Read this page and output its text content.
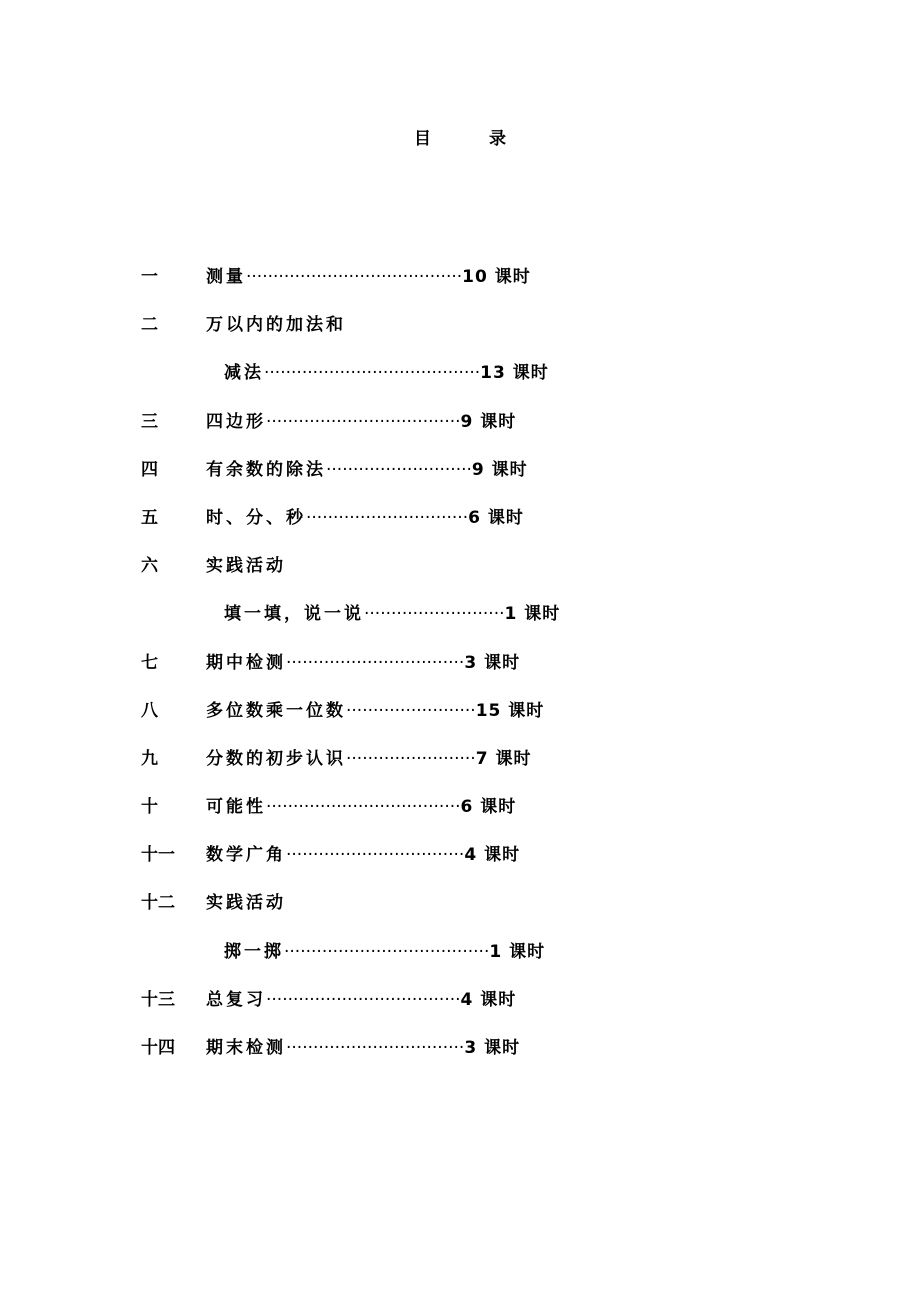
目 录
一	测量········································10 课时
二	万以内的加法和
减法········································13 课时
三	四边形····································9 课时
四	有余数的除法···························9 课时
五	时、分、秒······························6 课时
六	实践活动
填一填，说一说··························1 课时
七	期中检测·································3 课时
八	多位数乘一位数························15 课时
九	分数的初步认识························7 课时
十	可能性····································6 课时
十一 数学广角·································4 课时
十二 实践活动
掷一掷······································1 课时
十三 总复习····································4 课时
十四 期末检测·································3 课时
